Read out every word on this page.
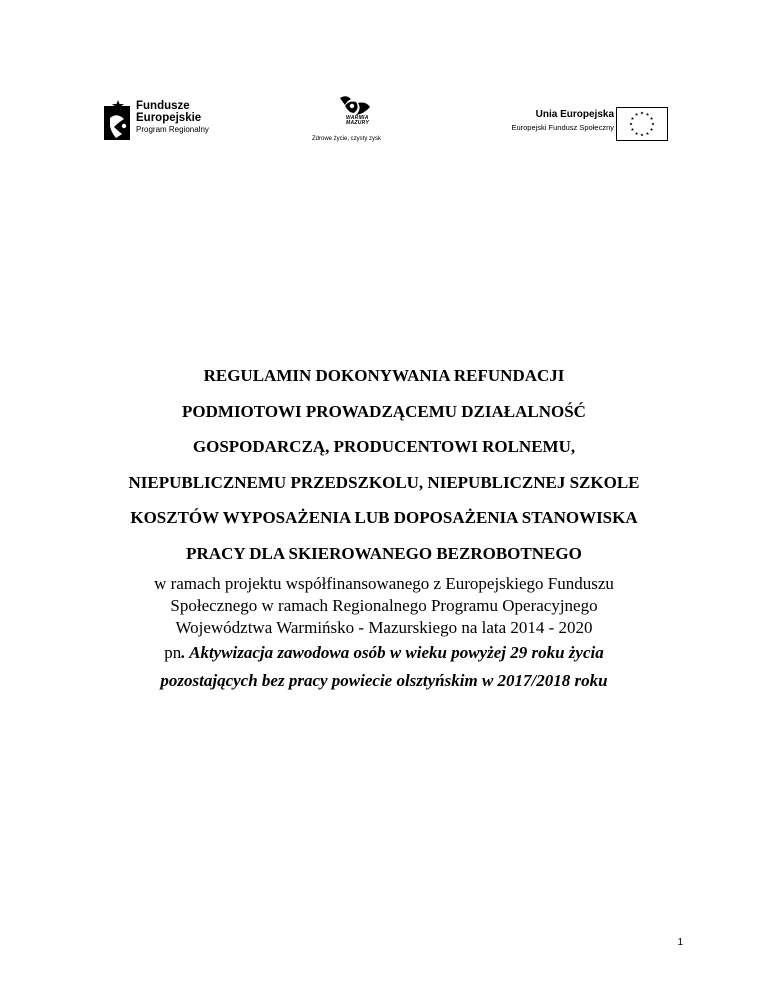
Fundusze
Europejskie
Program Regionalny
WARMIA
MAZURY
Zdrowe życie, czysty zysk
Unia Europejska
Europejski Fundusz Społeczny
REGULAMIN DOKONYWANIA REFUNDACJI
PODMIOTOWI PROWADZĄCEMU DZIAŁALNOŚĆ
GOSPODARCZĄ, PRODUCENTOWI ROLNEMU,
NIEPUBLICZNEMU PRZEDSZKOLU, NIEPUBLICZNEJ SZKOLE
KOSZTÓW WYPOSAŻENIA LUB DOPOSAŻENIA STANOWISKA
PRACY DLA SKIEROWANEGO BEZROBOTNEGO
w ramach projektu współfinansowanego z Europejskiego Funduszu
Społecznego w ramach Regionalnego Programu Operacyjnego
Województwa Warmińsko - Mazurskiego na lata 2014 - 2020
pn. Aktywizacja zawodowa osób w wieku powyżej 29 roku życia
pozostających bez pracy powiecie olsztyńskim w 2017/2018 roku
1
